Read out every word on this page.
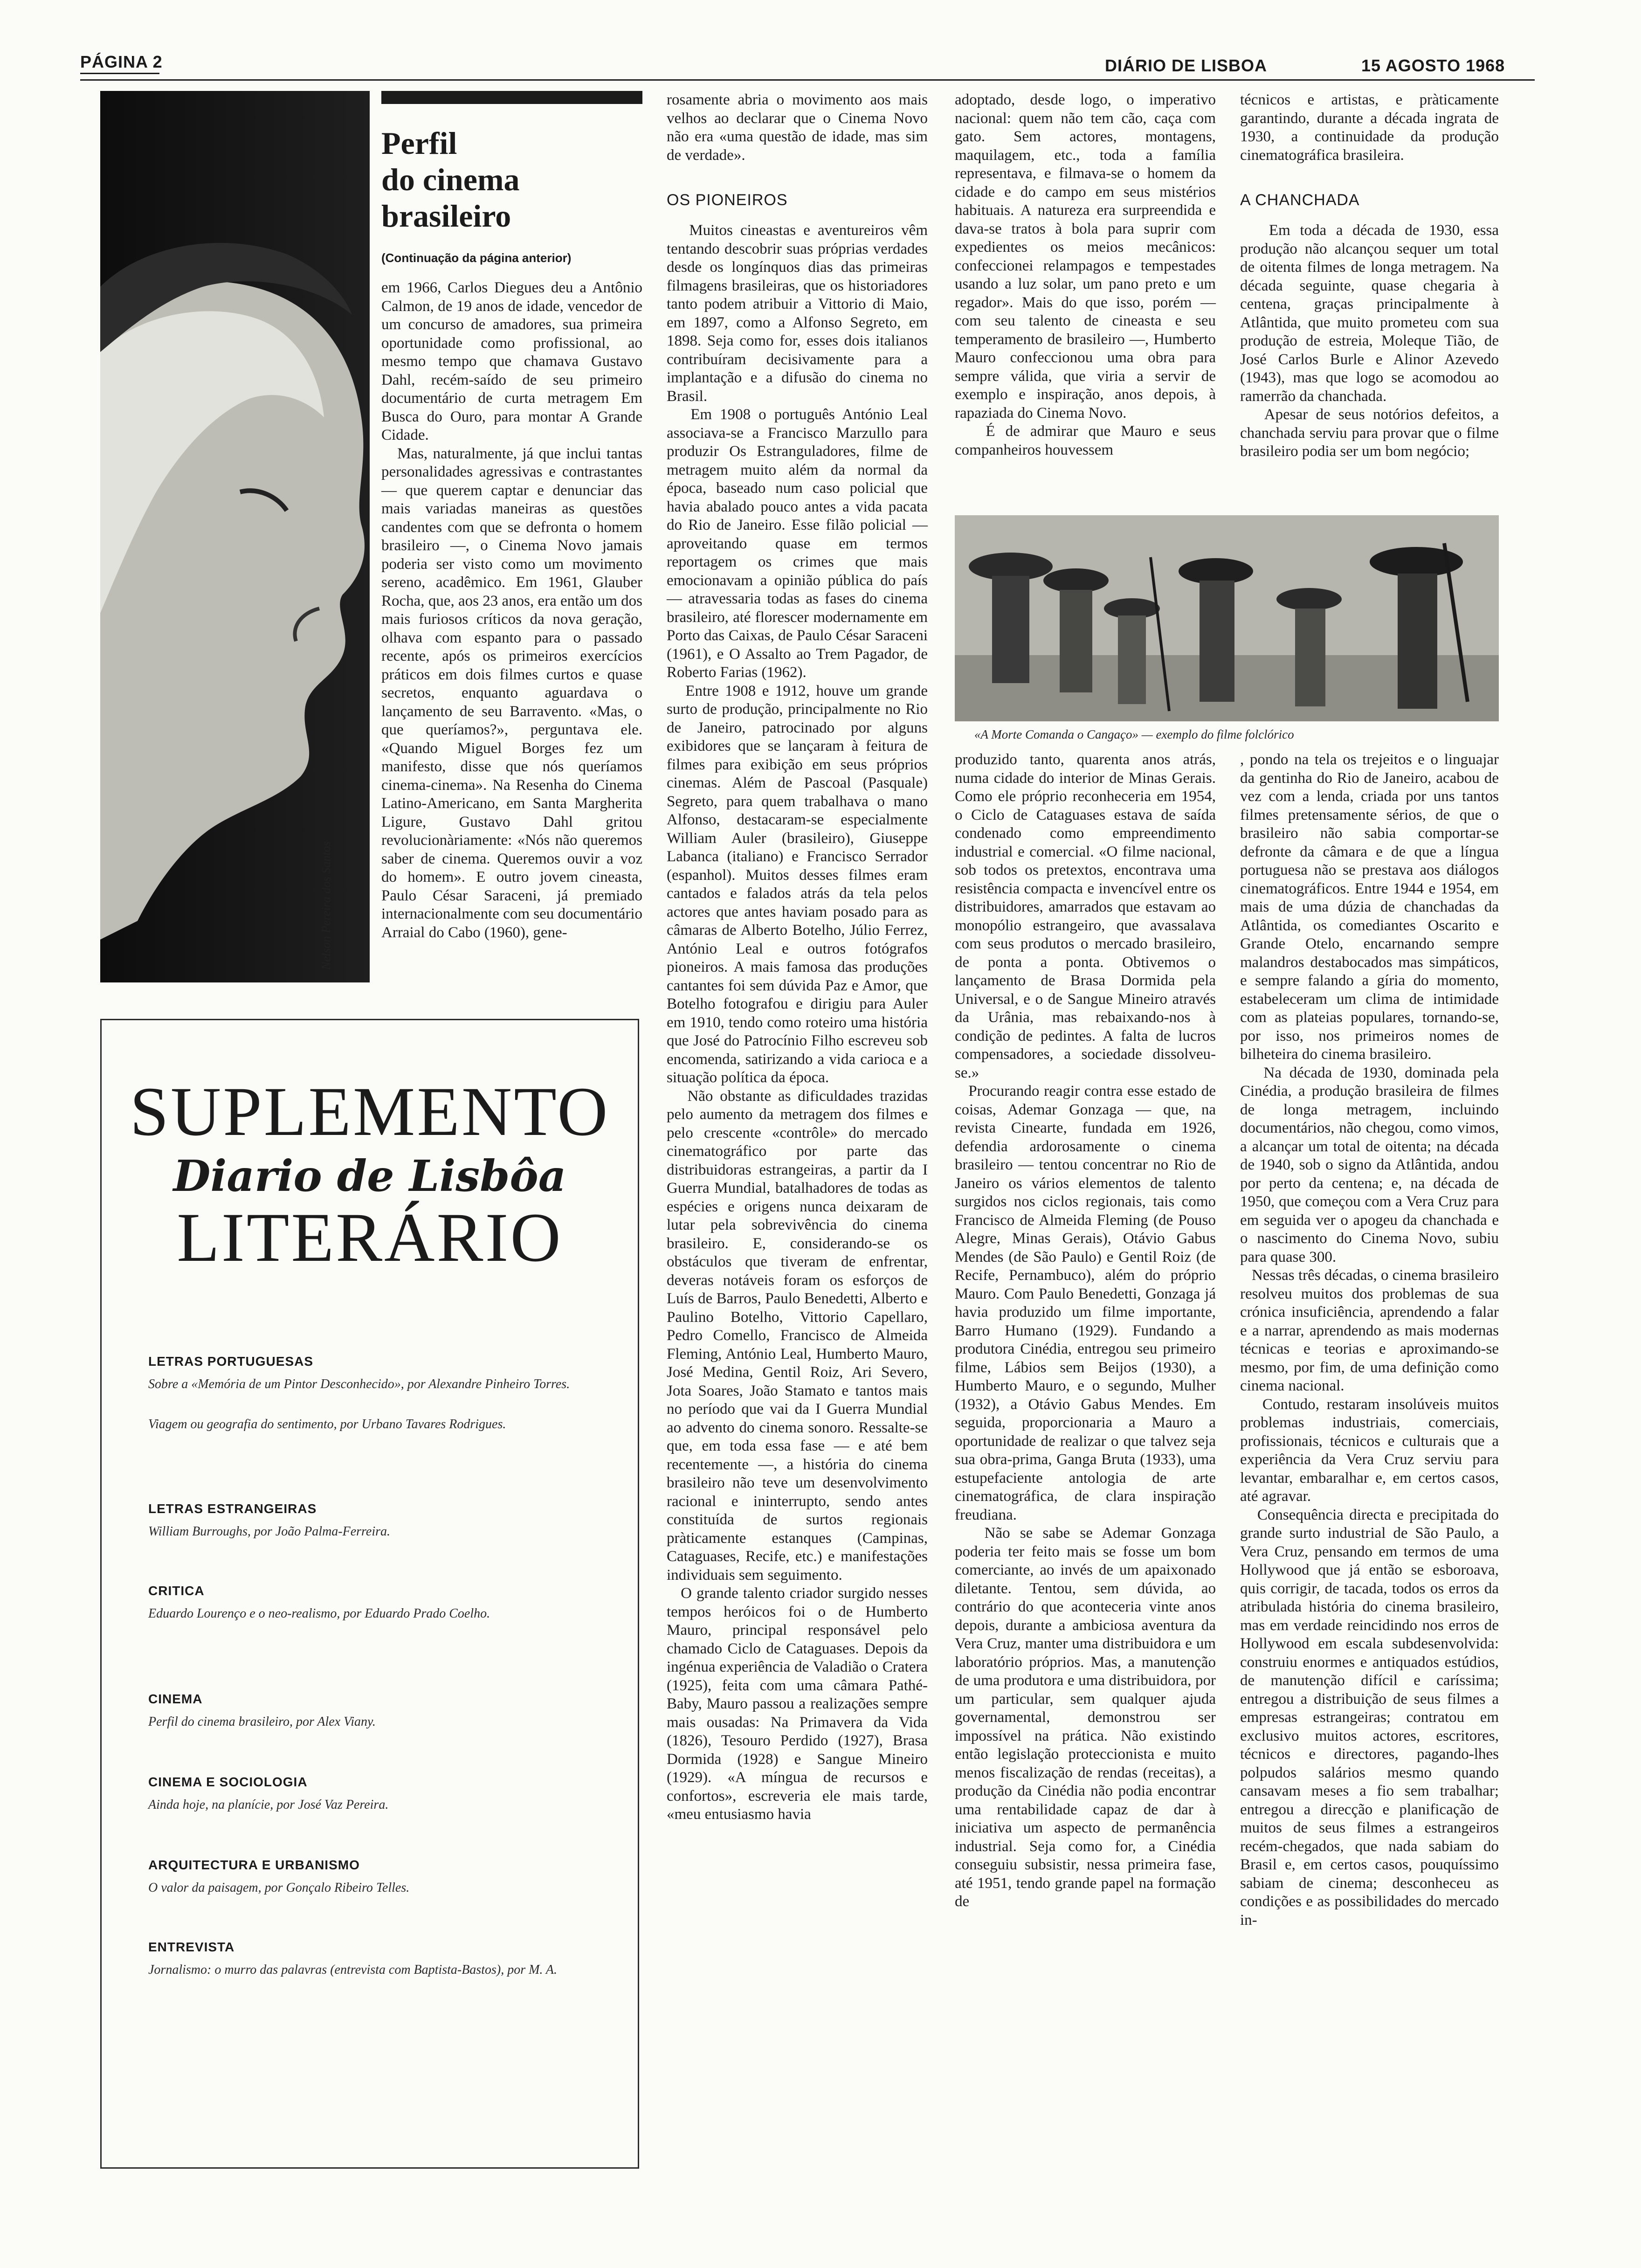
PÁGINA 2	DIÁRIO DE LISBOA	15 AGOSTO 1968
Nelson Pereira dos Santos
Perfil
do cinema
brasileiro
(Continuação da página anterior)
em 1966, Carlos Diegues deu a Antônio Calmon, de 19 anos de idade, vencedor de um concurso de amadores, sua primeira oportunidade como profissional, ao mesmo tempo que chamava Gustavo Dahl, recém-saído de seu primeiro documentário de curta metragem Em Busca do Ouro, para montar A Grande Cidade.
Mas, naturalmente, já que inclui tantas personalidades agressivas e contrastantes — que querem captar e denunciar das mais variadas maneiras as questões candentes com que se defronta o homem brasileiro —, o Cinema Novo jamais poderia ser visto como um movimento sereno, acadêmico. Em 1961, Glauber Rocha, que, aos 23 anos, era então um dos mais furiosos críticos da nova geração, olhava com espanto para o passado recente, após os primeiros exercícios práticos em dois filmes curtos e quase secretos, enquanto aguardava o lançamento de seu Barravento. «Mas, o que queríamos?», perguntava ele. «Quando Miguel Borges fez um manifesto, disse que nós queríamos cinema-cinema». Na Resenha do Cinema Latino-Americano, em Santa Margherita Ligure, Gustavo Dahl gritou revolucionàriamente: «Nós não queremos saber de cinema. Queremos ouvir a voz do homem». E outro jovem cineasta, Paulo César Saraceni, já premiado internacionalmente com seu documentário Arraial do Cabo (1960), gene-
rosamente abria o movimento aos mais velhos ao declarar que o Cinema Novo não era «uma questão de idade, mas sim de verdade».
OS PIONEIROS
Muitos cineastas e aventureiros vêm tentando descobrir suas próprias verdades desde os longínquos dias das primeiras filmagens brasileiras, que os historiadores tanto podem atribuir a Vittorio di Maio, em 1897, como a Alfonso Segreto, em 1898. Seja como for, esses dois italianos contribuíram decisivamente para a implantação e a difusão do cinema no Brasil.
Em 1908 o português António Leal associava-se a Francisco Marzullo para produzir Os Estranguladores, filme de metragem muito além da normal da época, baseado num caso policial que havia abalado pouco antes a vida pacata do Rio de Janeiro. Esse filão policial — aproveitando quase em termos reportagem os crimes que mais emocionavam a opinião pública do país — atravessaria todas as fases do cinema brasileiro, até florescer modernamente em Porto das Caixas, de Paulo César Saraceni (1961), e O Assalto ao Trem Pagador, de Roberto Farias (1962).
Entre 1908 e 1912, houve um grande surto de produção, principalmente no Rio de Janeiro, patrocinado por alguns exibidores que se lançaram à feitura de filmes para exibição em seus próprios cinemas. Além de Pascoal (Pasquale) Segreto, para quem trabalhava o mano Alfonso, destacaram-se especialmente William Auler (brasileiro), Giuseppe Labanca (italiano) e Francisco Serrador (espanhol). Muitos desses filmes eram cantados e falados atrás da tela pelos actores que antes haviam posado para as câmaras de Alberto Botelho, Júlio Ferrez, António Leal e outros fotógrafos pioneiros. A mais famosa das produções cantantes foi sem dúvida Paz e Amor, que Botelho fotografou e dirigiu para Auler em 1910, tendo como roteiro uma história que José do Patrocínio Filho escreveu sob encomenda, satirizando a vida carioca e a situação política da época.
Não obstante as dificuldades trazidas pelo aumento da metragem dos filmes e pelo crescente «contrôle» do mercado cinematográfico por parte das distribuidoras estrangeiras, a partir da I Guerra Mundial, batalhadores de todas as espécies e origens nunca deixaram de lutar pela sobrevivência do cinema brasileiro. E, considerando-se os obstáculos que tiveram de enfrentar, deveras notáveis foram os esforços de Luís de Barros, Paulo Benedetti, Alberto e Paulino Botelho, Vittorio Capellaro, Pedro Comello, Francisco de Almeida Fleming, António Leal, Humberto Mauro, José Medina, Gentil Roiz, Ari Severo, Jota Soares, João Stamato e tantos mais no período que vai da I Guerra Mundial ao advento do cinema sonoro. Ressalte-se que, em toda essa fase — e até bem recentemente —, a história do cinema brasileiro não teve um desenvolvimento racional e ininterrupto, sendo antes constituída de surtos regionais pràticamente estanques (Campinas, Cataguases, Recife, etc.) e manifestações individuais sem seguimento.
O grande talento criador surgido nesses tempos heróicos foi o de Humberto Mauro, principal responsável pelo chamado Ciclo de Cataguases. Depois da ingénua experiência de Valadião o Cratera (1925), feita com uma câmara Pathé-Baby, Mauro passou a realizações sempre mais ousadas: Na Primavera da Vida (1826), Tesouro Perdido (1927), Brasa Dormida (1928) e Sangue Mineiro (1929). «A míngua de recursos e confortos», escreveria ele mais tarde, «meu entusiasmo havia
adoptado, desde logo, o imperativo nacional: quem não tem cão, caça com gato. Sem actores, montagens, maquilagem, etc., toda a família representava, e filmava-se o homem da cidade e do campo em seus mistérios habituais. A natureza era surpreendida e dava-se tratos à bola para suprir com expedientes os meios mecânicos: confeccionei relampagos e tempestades usando a luz solar, um pano preto e um regador». Mais do que isso, porém — com seu talento de cineasta e seu temperamento de brasileiro —, Humberto Mauro confeccionou uma obra para sempre válida, que viria a servir de exemplo e inspiração, anos depois, à rapaziada do Cinema Novo.
É de admirar que Mauro e seus companheiros houvessem
técnicos e artistas, e pràticamente garantindo, durante a década ingrata de 1930, a continuidade da produção cinematográfica brasileira.
A CHANCHADA
Em toda a década de 1930, essa produção não alcançou sequer um total de oitenta filmes de longa metragem. Na década seguinte, quase chegaria à centena, graças principalmente à Atlântida, que muito prometeu com sua produção de estreia, Moleque Tião, de José Carlos Burle e Alinor Azevedo (1943), mas que logo se acomodou ao ramerrão da chanchada.
Apesar de seus notórios defeitos, a chanchada serviu para provar que o filme brasileiro podia ser um bom negócio;
«A Morte Comanda o Cangaço» — exemplo do filme folclórico
produzido tanto, quarenta anos atrás, numa cidade do interior de Minas Gerais. Como ele próprio reconheceria em 1954, o Ciclo de Cataguases estava de saída condenado como empreendimento industrial e comercial. «O filme nacional, sob todos os pretextos, encontrava uma resistência compacta e invencível entre os distribuidores, amarrados que estavam ao monopólio estrangeiro, que avassalava com seus produtos o mercado brasileiro, de ponta a ponta. Obtivemos o lançamento de Brasa Dormida pela Universal, e o de Sangue Mineiro através da Urânia, mas rebaixando-nos à condição de pedintes. A falta de lucros compensadores, a sociedade dissolveu-se.»
Procurando reagir contra esse estado de coisas, Ademar Gonzaga — que, na revista Cinearte, fundada em 1926, defendia ardorosamente o cinema brasileiro — tentou concentrar no Rio de Janeiro os vários elementos de talento surgidos nos ciclos regionais, tais como Francisco de Almeida Fleming (de Pouso Alegre, Minas Gerais), Otávio Gabus Mendes (de São Paulo) e Gentil Roiz (de Recife, Pernambuco), além do próprio Mauro. Com Paulo Benedetti, Gonzaga já havia produzido um filme importante, Barro Humano (1929). Fundando a produtora Cinédia, entregou seu primeiro filme, Lábios sem Beijos (1930), a Humberto Mauro, e o segundo, Mulher (1932), a Otávio Gabus Mendes. Em seguida, proporcionaria a Mauro a oportunidade de realizar o que talvez seja sua obra-prima, Ganga Bruta (1933), uma estupefaciente antologia de arte cinematográfica, de clara inspiração freudiana.
Não se sabe se Ademar Gonzaga poderia ter feito mais se fosse um bom comerciante, ao invés de um apaixonado diletante. Tentou, sem dúvida, ao contrário do que aconteceria vinte anos depois, durante a ambiciosa aventura da Vera Cruz, manter uma distribuidora e um laboratório próprios. Mas, a manutenção de uma produtora e uma distribuidora, por um particular, sem qualquer ajuda governamental, demonstrou ser impossível na prática. Não existindo então legislação proteccionista e muito menos fiscalização de rendas (receitas), a produção da Cinédia não podia encontrar uma rentabilidade capaz de dar à iniciativa um aspecto de permanência industrial. Seja como for, a Cinédia conseguiu subsistir, nessa primeira fase, até 1951, tendo grande papel na formação de
, pondo na tela os trejeitos e o linguajar da gentinha do Rio de Janeiro, acabou de vez com a lenda, criada por uns tantos filmes pretensamente sérios, de que o brasileiro não sabia comportar-se defronte da câmara e de que a língua portuguesa não se prestava aos diálogos cinematográficos. Entre 1944 e 1954, em mais de uma dúzia de chanchadas da Atlântida, os comediantes Oscarito e Grande Otelo, encarnando sempre malandros destabocados mas simpáticos, e sempre falando a gíria do momento, estabeleceram um clima de intimidade com as plateias populares, tornando-se, por isso, nos primeiros nomes de bilheteira do cinema brasileiro.
Na década de 1930, dominada pela Cinédia, a produção brasileira de filmes de longa metragem, incluindo documentários, não chegou, como vimos, a alcançar um total de oitenta; na década de 1940, sob o signo da Atlântida, andou por perto da centena; e, na década de 1950, que começou com a Vera Cruz para em seguida ver o apogeu da chanchada e o nascimento do Cinema Novo, subiu para quase 300.
Nessas três décadas, o cinema brasileiro resolveu muitos dos problemas de sua crónica insuficiência, aprendendo a falar e a narrar, aprendendo as mais modernas técnicas e teorias e aproximando-se mesmo, por fim, de uma definição como cinema nacional.
Contudo, restaram insolúveis muitos problemas industriais, comerciais, profissionais, técnicos e culturais que a experiência da Vera Cruz serviu para levantar, embaralhar e, em certos casos, até agravar.
Consequência directa e precipitada do grande surto industrial de São Paulo, a Vera Cruz, pensando em termos de uma Hollywood que já então se esboroava, quis corrigir, de tacada, todos os erros da atribulada história do cinema brasileiro, mas em verdade reincidindo nos erros de Hollywood em escala subdesenvolvida: construiu enormes e antiquados estúdios, de manutenção difícil e caríssima; entregou a distribuição de seus filmes a empresas estrangeiras; contratou em exclusivo muitos actores, escritores, técnicos e directores, pagando-lhes polpudos salários mesmo quando cansavam meses a fio sem trabalhar; entregou a direcção e planificação de muitos de seus filmes a estrangeiros recém-chegados, que nada sabiam do Brasil e, em certos casos, pouquíssimo sabiam de cinema; desconheceu as condições e as possibilidades do mercado in-
SUPLEMENTO
Diario de Lisbôa
LITERÁRIO
LETRAS PORTUGUESAS
Sobre a «Memória de um Pintor Desconhecido», por Alexandre Pinheiro Torres.
Viagem ou geografia do sentimento, por Urbano Tavares Rodrigues.
LETRAS ESTRANGEIRAS
William Burroughs, por João Palma-Ferreira.
CRITICA
Eduardo Lourenço e o neo-realismo, por Eduardo Prado Coelho.
CINEMA
Perfil do cinema brasileiro, por Alex Viany.
CINEMA E SOCIOLOGIA
Ainda hoje, na planície, por José Vaz Pereira.
ARQUITECTURA E URBANISMO
O valor da paisagem, por Gonçalo Ribeiro Telles.
ENTREVISTA
Jornalismo: o murro das palavras (entrevista com Baptista-Bastos), por M. A.
